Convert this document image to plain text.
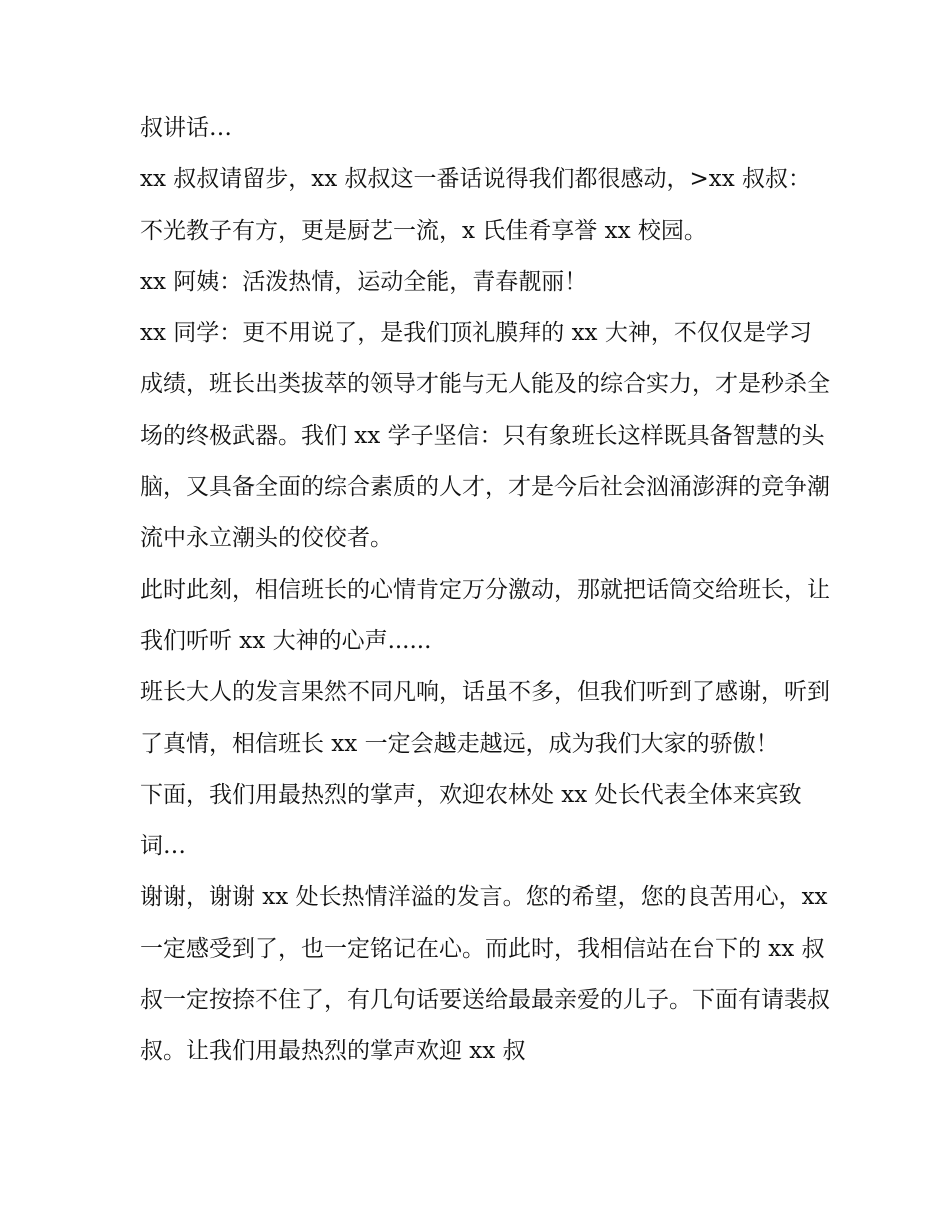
叔讲话…

xx 叔叔请留步，xx 叔叔这一番话说得我们都很感动，>xx 叔叔：不光教子有方，更是厨艺一流，x 氏佳肴享誉 xx 校园。

xx 阿姨：活泼热情，运动全能，青春靓丽！

xx 同学：更不用说了，是我们顶礼膜拜的 xx 大神，不仅仅是学习成绩，班长出类拔萃的领导才能与无人能及的综合实力，才是秒杀全场的终极武器。我们 xx 学子坚信：只有象班长这样既具备智慧的头脑，又具备全面的综合素质的人才，才是今后社会汹涌澎湃的竞争潮流中永立潮头的佼佼者。

此时此刻，相信班长的心情肯定万分激动，那就把话筒交给班长，让我们听听 xx 大神的心声......

班长大人的发言果然不同凡响，话虽不多，但我们听到了感谢，听到了真情，相信班长 xx 一定会越走越远，成为我们大家的骄傲！

下面，我们用最热烈的掌声，欢迎农林处 xx 处长代表全体来宾致词…

谢谢，谢谢 xx 处长热情洋溢的发言。您的希望，您的良苦用心，xx 一定感受到了，也一定铭记在心。而此时，我相信站在台下的 xx 叔叔一定按捺不住了，有几句话要送给最最亲爱的儿子。下面有请裴叔叔。让我们用最热烈的掌声欢迎 xx 叔
